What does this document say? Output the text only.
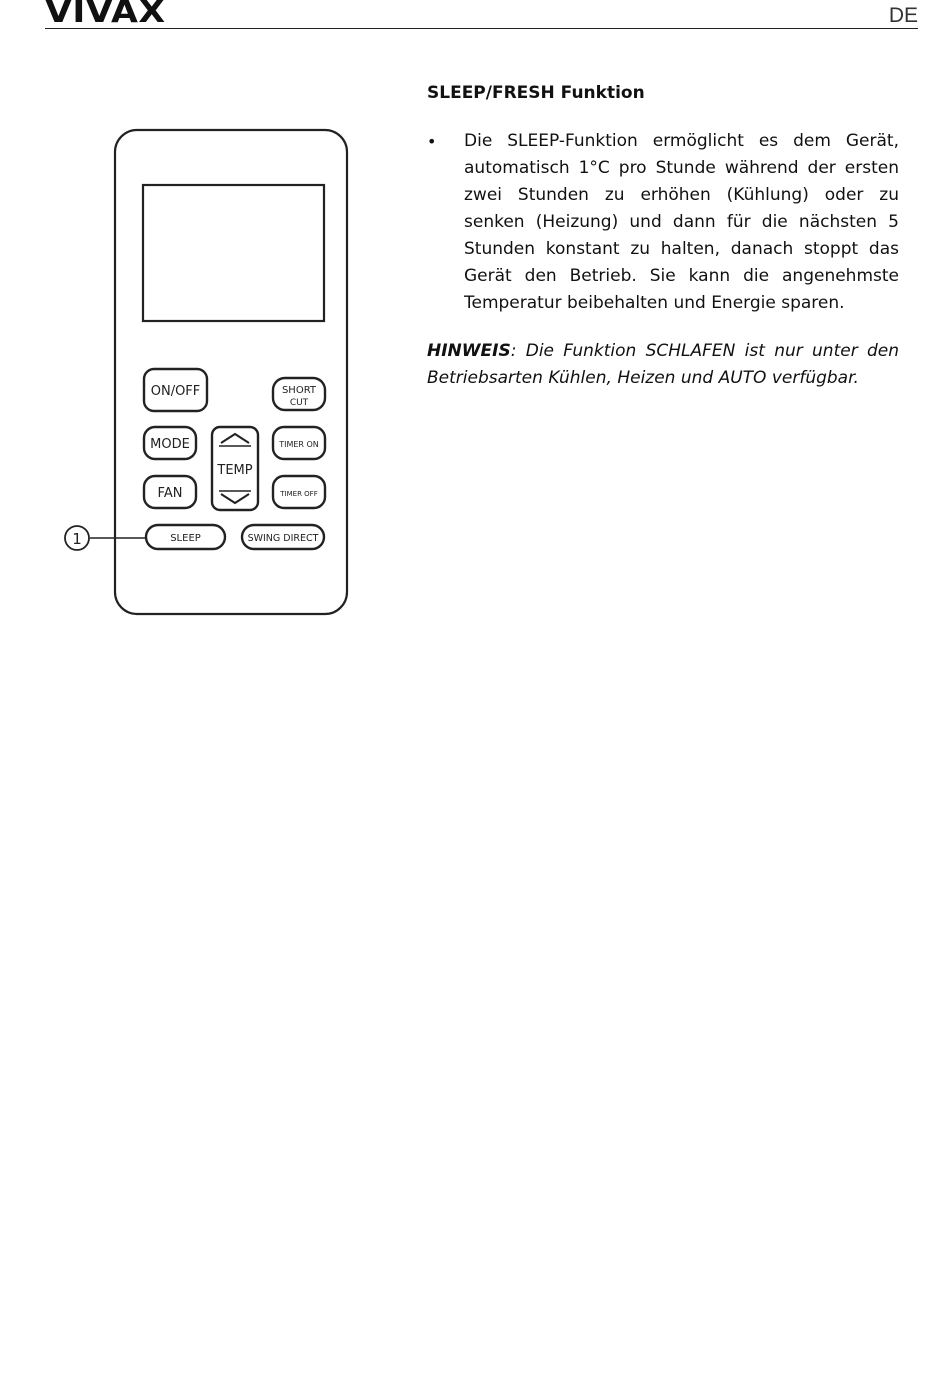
VIVAX	DE
SLEEP/FRESH Funktion
•	Die SLEEP-Funktion ermöglicht es dem Gerät, automatisch 1°C pro Stunde während der ersten zwei Stunden zu erhöhen (Kühlung) oder zu senken (Heizung) und dann für die nächsten 5 Stunden konstant zu halten, danach stoppt das Gerät den Betrieb. Sie kann die angenehmste Temperatur beibehalten und Energie sparen.

HINWEIS: Die Funktion SCHLAFEN ist nur unter den Betriebsarten Kühlen, Heizen und AUTO verfügbar.

ON/OFF	SHORT
CUT
MODE
TEMP
TIMER ON
FAN	TIMER OFF
SLEEP	SWING DIRECT
1
